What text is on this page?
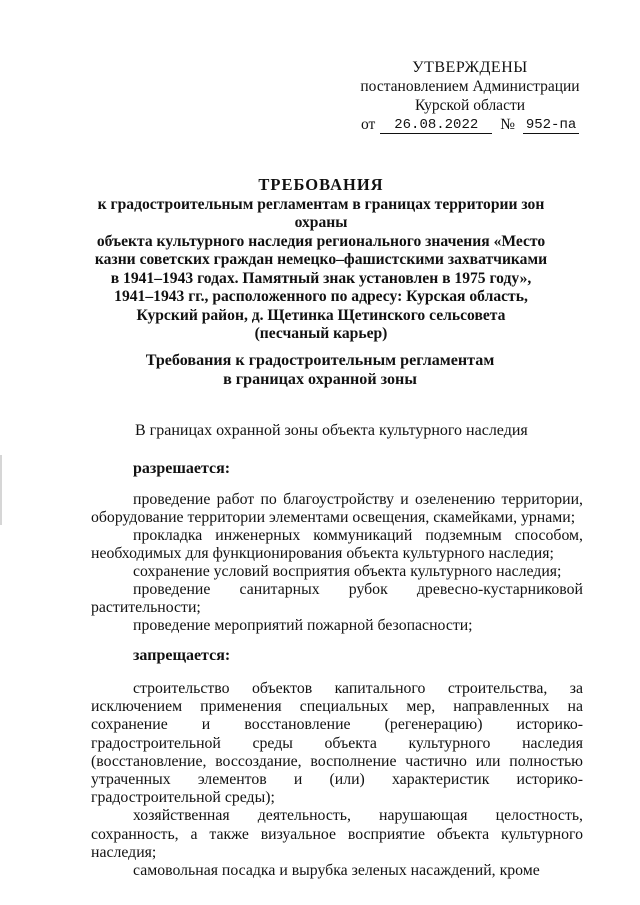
УТВЕРЖДЕНЫ
постановлением Администрации
Курской области
от	26.08.2022	№ 952-па
ТРЕБОВАНИЯ
к градостроительным регламентам в границах территории зон охраны
объекта культурного наследия регионального значения «Место
казни советских граждан немецко–фашистскими захватчиками
в 1941–1943 годах. Памятный знак установлен в 1975 году»,
1941–1943 гг., расположенного по адресу: Курская область,
Курский район, д. Щетинка Щетинского сельсовета
(песчаный карьер)
Требования к градостроительным регламентам
в границах охранной зоны
В границах охранной зоны объекта культурного наследия
разрешается:

проведение работ по благоустройству и озеленению территории, оборудование территории элементами освещения, скамейками, урнами;

прокладка инженерных коммуникаций подземным способом, необходимых для функционирования объекта культурного наследия;

сохранение условий восприятия объекта культурного наследия;

проведение санитарных рубок древесно-кустарниковой растительности;

проведение мероприятий пожарной безопасности;

запрещается:

строительство объектов капитального строительства, за исключением применения специальных мер, направленных на сохранение и восстановление (регенерацию) историко-градостроительной среды объекта культурного наследия (восстановление, воссоздание, восполнение частично или полностью утраченных элементов и (или) характеристик историко-градостроительной среды);

хозяйственная деятельность, нарушающая целостность, сохранность, а также визуальное восприятие объекта культурного наследия;

самовольная посадка и вырубка зеленых насаждений, кроме
